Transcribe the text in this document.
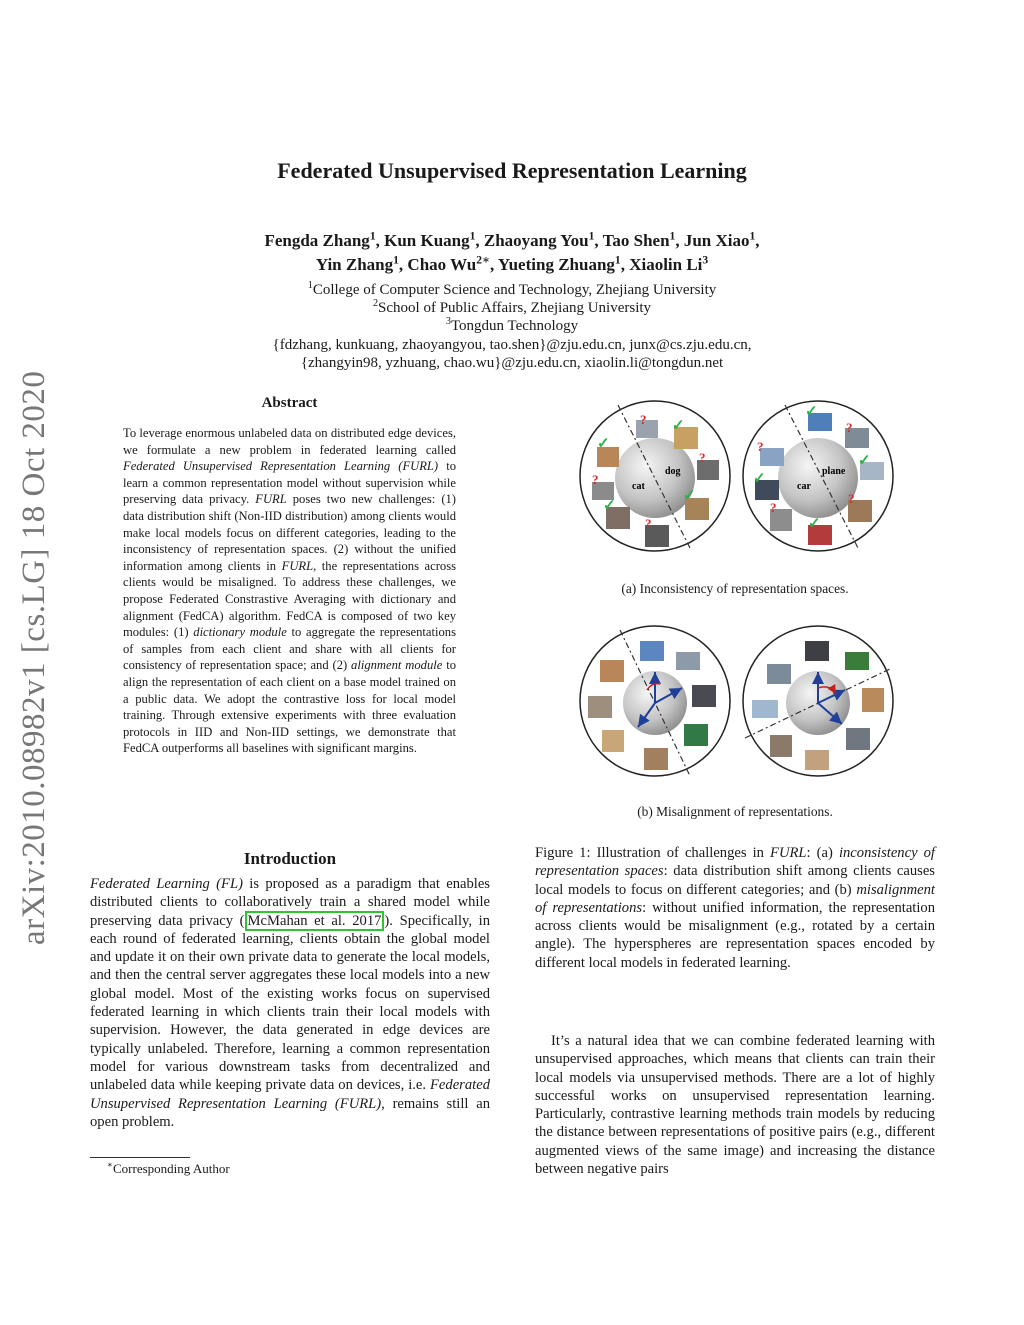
arXiv:2010.08982v1 [cs.LG] 18 Oct 2020
Federated Unsupervised Representation Learning
Fengda Zhang$^1$, Kun Kuang$^1$, Zhaoyang You$^1$, Tao Shen$^1$, Jun Xiao$^1$,
Yin Zhang$^1$, Chao $Wu^{2∗}$, Yueting Zhuang$^1$, Xiaolin Li$^3$
$^1$College of Computer Science and Technology, Zhejiang University
$^2$School of Public Affairs, Zhejiang University
$^3$Tongdun Technology
{fdzhang, kunkuang, zhaoyangyou, tao.shen}@zju.edu.cn, junx@cs.zju.edu.cn,
{zhangyin98, yzhuang, chao.wu}@zju.edu.cn, xiaolin.li@tongdun.net
Abstract
To leverage enormous unlabeled data on distributed edge devices, we formulate a new problem in federated learning called Federated Unsupervised Representation Learning (FURL) to learn a common representation model without supervision while preserving data privacy. FURL poses two new challenges: (1) data distribution shift (Non-IID distribution) among clients would make local models focus on different categories, leading to the inconsistency of representation spaces. (2) without the unified information among clients in FURL, the representations across clients would be misaligned. To address these challenges, we propose Federated Constrastive Averaging with dictionary and alignment (FedCA) algorithm. FedCA is composed of two key modules: (1) dictionary module to aggregate the representations of samples from each client and share with all clients for consistency of representation space; and (2) alignment module to align the representation of each client on a base model trained on a public data. We adopt the contrastive loss for local model training. Through extensive experiments with three evaluation protocols in IID and Non-IID settings, we demonstrate that FedCA outperforms all baselines with significant margins.
Introduction
Federated Learning (FL) is proposed as a paradigm that enables distributed clients to collaboratively train a shared model while preserving data privacy ( McMahan et al. 2017 ). Specifically, in each round of federated learning, clients obtain the global model and update it on their own private data to generate the local models, and then the central server aggregates these local models into a new global model. Most of the existing works focus on supervised federated learning in which clients train their local models with supervision. However, the data generated in edge devices are typically unlabeled. Therefore, learning a common representation model for various downstream tasks from decentralized and unlabeled data while keeping private data on devices, i.e. Federated Unsupervised Representation Learning (FURL), remains still an open problem.
∗Corresponding Author
dog
cat
?
✓
✓
?
?
✓
✓
?
plane
car
✓
?
?
✓
✓
?
?
✓
(a) Inconsistency of representation spaces.
(b) Misalignment of representations.
Figure 1: Illustration of challenges in FURL: (a) inconsistency of representation spaces: data distribution shift among clients causes local models to focus on different categories; and (b) misalignment of representations: without unified information, the representation across clients would be misalignment (e.g., rotated by a certain angle). The hyperspheres are representation spaces encoded by different local models in federated learning.
It’s a natural idea that we can combine federated learning with unsupervised approaches, which means that clients can train their local models via unsupervised methods. There are a lot of highly successful works on unsupervised representation learning. Particularly, contrastive learning methods train models by reducing the distance between representations of positive pairs (e.g., different augmented views of the same image) and increasing the distance between negative pairs
